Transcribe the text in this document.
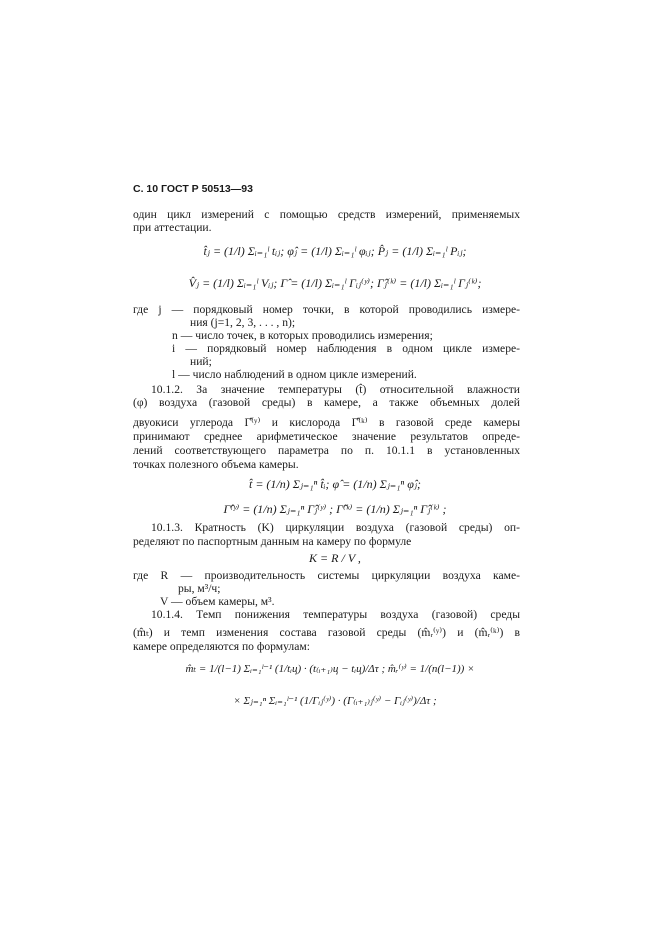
С. 10 ГОСТ Р 50513—93
один цикл измерений с помощью средств измерений, применяемых
при аттестации.
t̂ⱼ = (1/l) Σᵢ₌₁ˡ tᵢⱼ; φ̂ⱼ = (1/l) Σᵢ₌₁ˡ φᵢⱼ; P̂ⱼ = (1/l) Σᵢ₌₁ˡ Pᵢⱼ;
V̂ⱼ = (1/l) Σᵢ₌₁ˡ Vᵢⱼ; Γ̂ = (1/l) Σᵢ₌₁ˡ Γᵢⱼ⁽ʸ⁾; Γ̂ⱼ⁽ᵏ⁾ = (1/l) Σᵢ₌₁ˡ Γⱼ⁽ᵏ⁾;
где j — порядковый номер точки, в которой проводились измере-
ния (j=1, 2, 3, . . . , n);
n — число точек, в которых проводились измерения;
i — порядковый номер наблюдения в одном цикле измере-
ний;
l — число наблюдений в одном цикле измерений.
10.1.2. За значение температуры (t̂) относительной влажности
(φ) воздуха (газовой среды) в камере, а также объемных долей
двуокиси углерода Γ̂⁽ʸ⁾ и кислорода Γ̂⁽ᵏ⁾ в газовой среде камеры
принимают среднее арифметическое значение результатов опреде-
лений соответствующего параметра по п. 10.1.1 в установленных
точках полезного объема камеры.
t̂ = (1/n) Σⱼ₌₁ⁿ t̂ᵢ; φ̂ = (1/n) Σⱼ₌₁ⁿ φ̂ⱼ;
Γ̂⁽ʸ⁾ = (1/n) Σⱼ₌₁ⁿ Γ̂ⱼ⁽ʸ⁾ ; Γ̂⁽ᵏ⁾ = (1/n) Σⱼ₌₁ⁿ Γ̂ⱼ⁽ᵏ⁾ ;
10.1.3. Кратность (K) циркуляции воздуха (газовой среды) оп-
ределяют по паспортным данным на камеру по формуле
K = R / V ,
где R — производительность системы циркуляции воздуха каме-
ры, м³/ч;
V — объем камеры, м³.
10.1.4. Темп понижения температуры воздуха (газовой) среды
(m̂ₜ) и темп изменения состава газовой среды (m̂ᵣ⁽ʸ⁾) и (m̂ᵣ⁽ᵏ⁾) в
камере определяются по формулам:
m̂ₜ = 1/(l−1) Σᵢ₌₁ˡ⁻¹ (1/tᵢц) · (t₍ᵢ₊₁₎ц − tᵢц)/Δτ ; m̂ᵣ⁽ʸ⁾ = 1/(n(l−1)) ×
× Σⱼ₌₁ⁿ Σᵢ₌₁ˡ⁻¹ (1/Γᵢⱼ⁽ʸ⁾) · (Γ₍ᵢ₊₁₎ⱼ⁽ʸ⁾ − Γᵢⱼ⁽ʸ⁾)/Δτ ;
